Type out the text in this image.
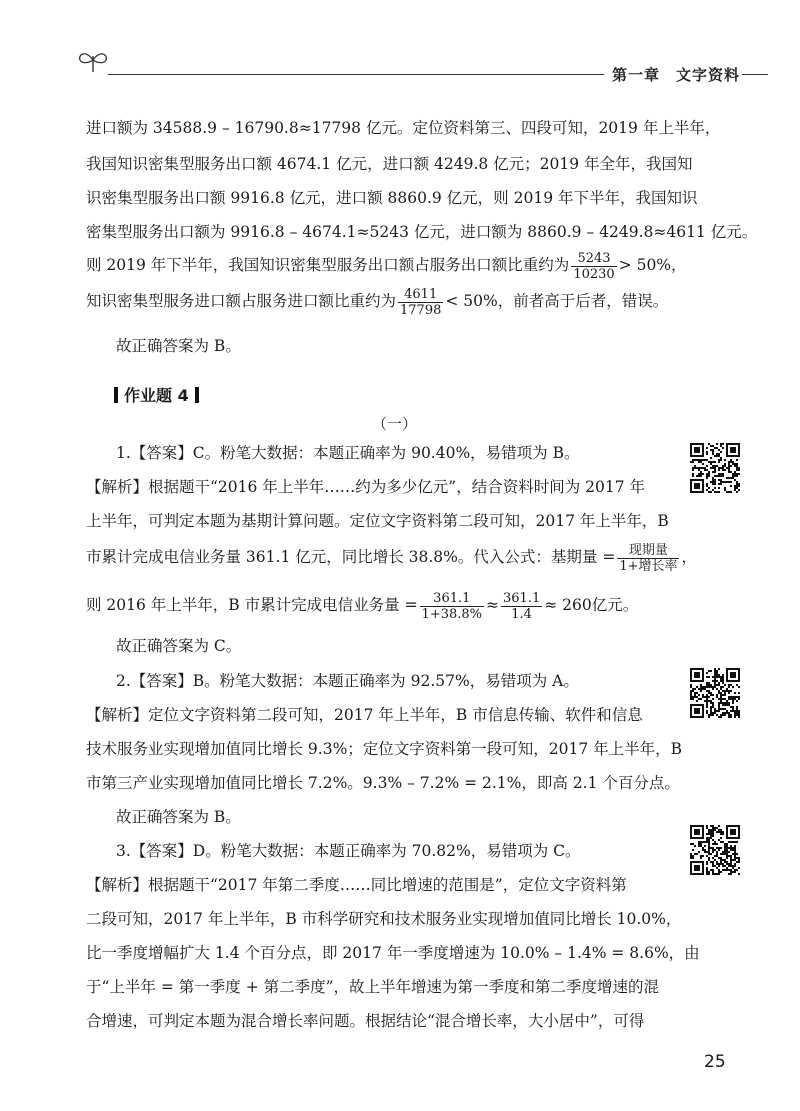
第一章　文字资料
进口额为 34588.9 – 16790.8≈17798 亿元。定位资料第三、四段可知，2019 年上半年，
我国知识密集型服务出口额 4674.1 亿元，进口额 4249.8 亿元；2019 年全年，我国知
识密集型服务出口额 9916.8 亿元，进口额 8860.9 亿元，则 2019 年下半年，我国知识
密集型服务出口额为 9916.8 – 4674.1≈5243 亿元，进口额为 8860.9 – 4249.8≈4611 亿元。
则 2019 年下半年，我国知识密集型服务出口额占服务出口额比重约为 $\frac{5243}{10230} > 50\%$，
知识密集型服务进口额占服务进口额比重约为 $\frac{4611}{17798} < 50\%$，前者高于后者，错误。
故正确答案为 B。
作业题 4
（一）
1.【答案】C。粉笔大数据：本题正确率为 90.40%，易错项为 B。
【解析】根据题干“2016 年上半年……约为多少亿元”，结合资料时间为 2017 年
上半年，可判定本题为基期计算问题。定位文字资料第二段可知，2017 年上半年，B
市累计完成电信业务量 361.1 亿元，同比增长 38.8%。代入公式：基期量 = $\frac{\text{现期量}}{\text{1+增长率}}$ ，
则 2016 年上半年，B 市累计完成电信业务量 = $\frac{361.1}{1+38.8\%} \approx \frac{361.1}{1.4} \approx 260$亿元。
故正确答案为 C。
2.【答案】B。粉笔大数据：本题正确率为 92.57%，易错项为 A。
【解析】定位文字资料第二段可知，2017 年上半年，B 市信息传输、软件和信息
技术服务业实现增加值同比增长 9.3%；定位文字资料第一段可知，2017 年上半年，B
市第三产业实现增加值同比增长 7.2%。9.3% – 7.2% = 2.1%，即高 2.1 个百分点。
故正确答案为 B。
3.【答案】D。粉笔大数据：本题正确率为 70.82%，易错项为 C。
【解析】根据题干“2017 年第二季度……同比增速的范围是”，定位文字资料第
二段可知，2017 年上半年，B 市科学研究和技术服务业实现增加值同比增长 10.0%，
比一季度增幅扩大 1.4 个百分点，即 2017 年一季度增速为 10.0% – 1.4% = 8.6%，由
于“上半年 = 第一季度 + 第二季度”，故上半年增速为第一季度和第二季度增速的混
合增速，可判定本题为混合增长率问题。根据结论“混合增长率，大小居中”，可得
25
